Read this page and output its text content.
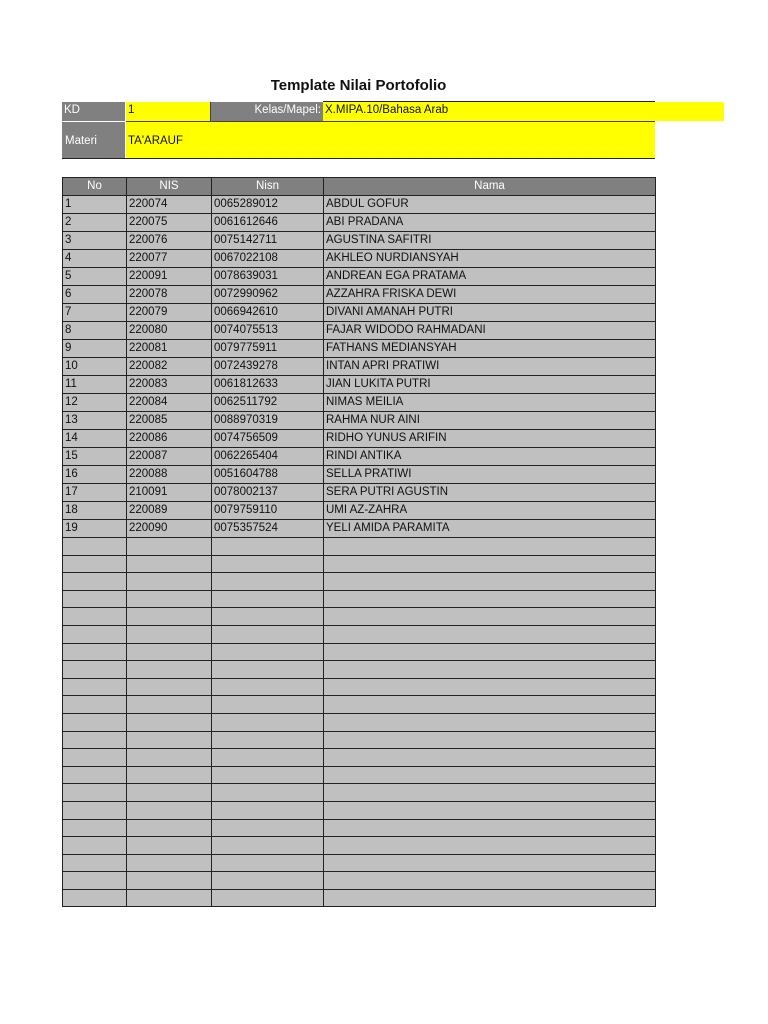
Template Nilai Portofolio
KD	1	Kelas/Mapel: X.MIPA.10/Bahasa Arab
Materi	TA'ARAUF
No	NIS	Nisn	Nama
1	220074	0065289012	ABDUL GOFUR
2	220075	0061612646	ABI PRADANA
3	220076	0075142711	AGUSTINA SAFITRI
4	220077	0067022108	AKHLEO NURDIANSYAH
5	220091	0078639031	ANDREAN EGA PRATAMA
6	220078	0072990962	AZZAHRA FRISKA DEWI
7	220079	0066942610	DIVANI AMANAH PUTRI
8	220080	0074075513	FAJAR WIDODO RAHMADANI
9	220081	0079775911	FATHANS MEDIANSYAH
10	220082	0072439278	INTAN APRI PRATIWI
11	220083	0061812633	JIAN LUKITA PUTRI
12	220084	0062511792	NIMAS MEILIA
13	220085	0088970319	RAHMA NUR AINI
14	220086	0074756509	RIDHO YUNUS ARIFIN
15	220087	0062265404	RINDI ANTIKA
16	220088	0051604788	SELLA PRATIWI
17	210091	0078002137	SERA PUTRI AGUSTIN
18	220089	0079759110	UMI AZ-ZAHRA
19	220090	0075357524	YELI AMIDA PARAMITA
